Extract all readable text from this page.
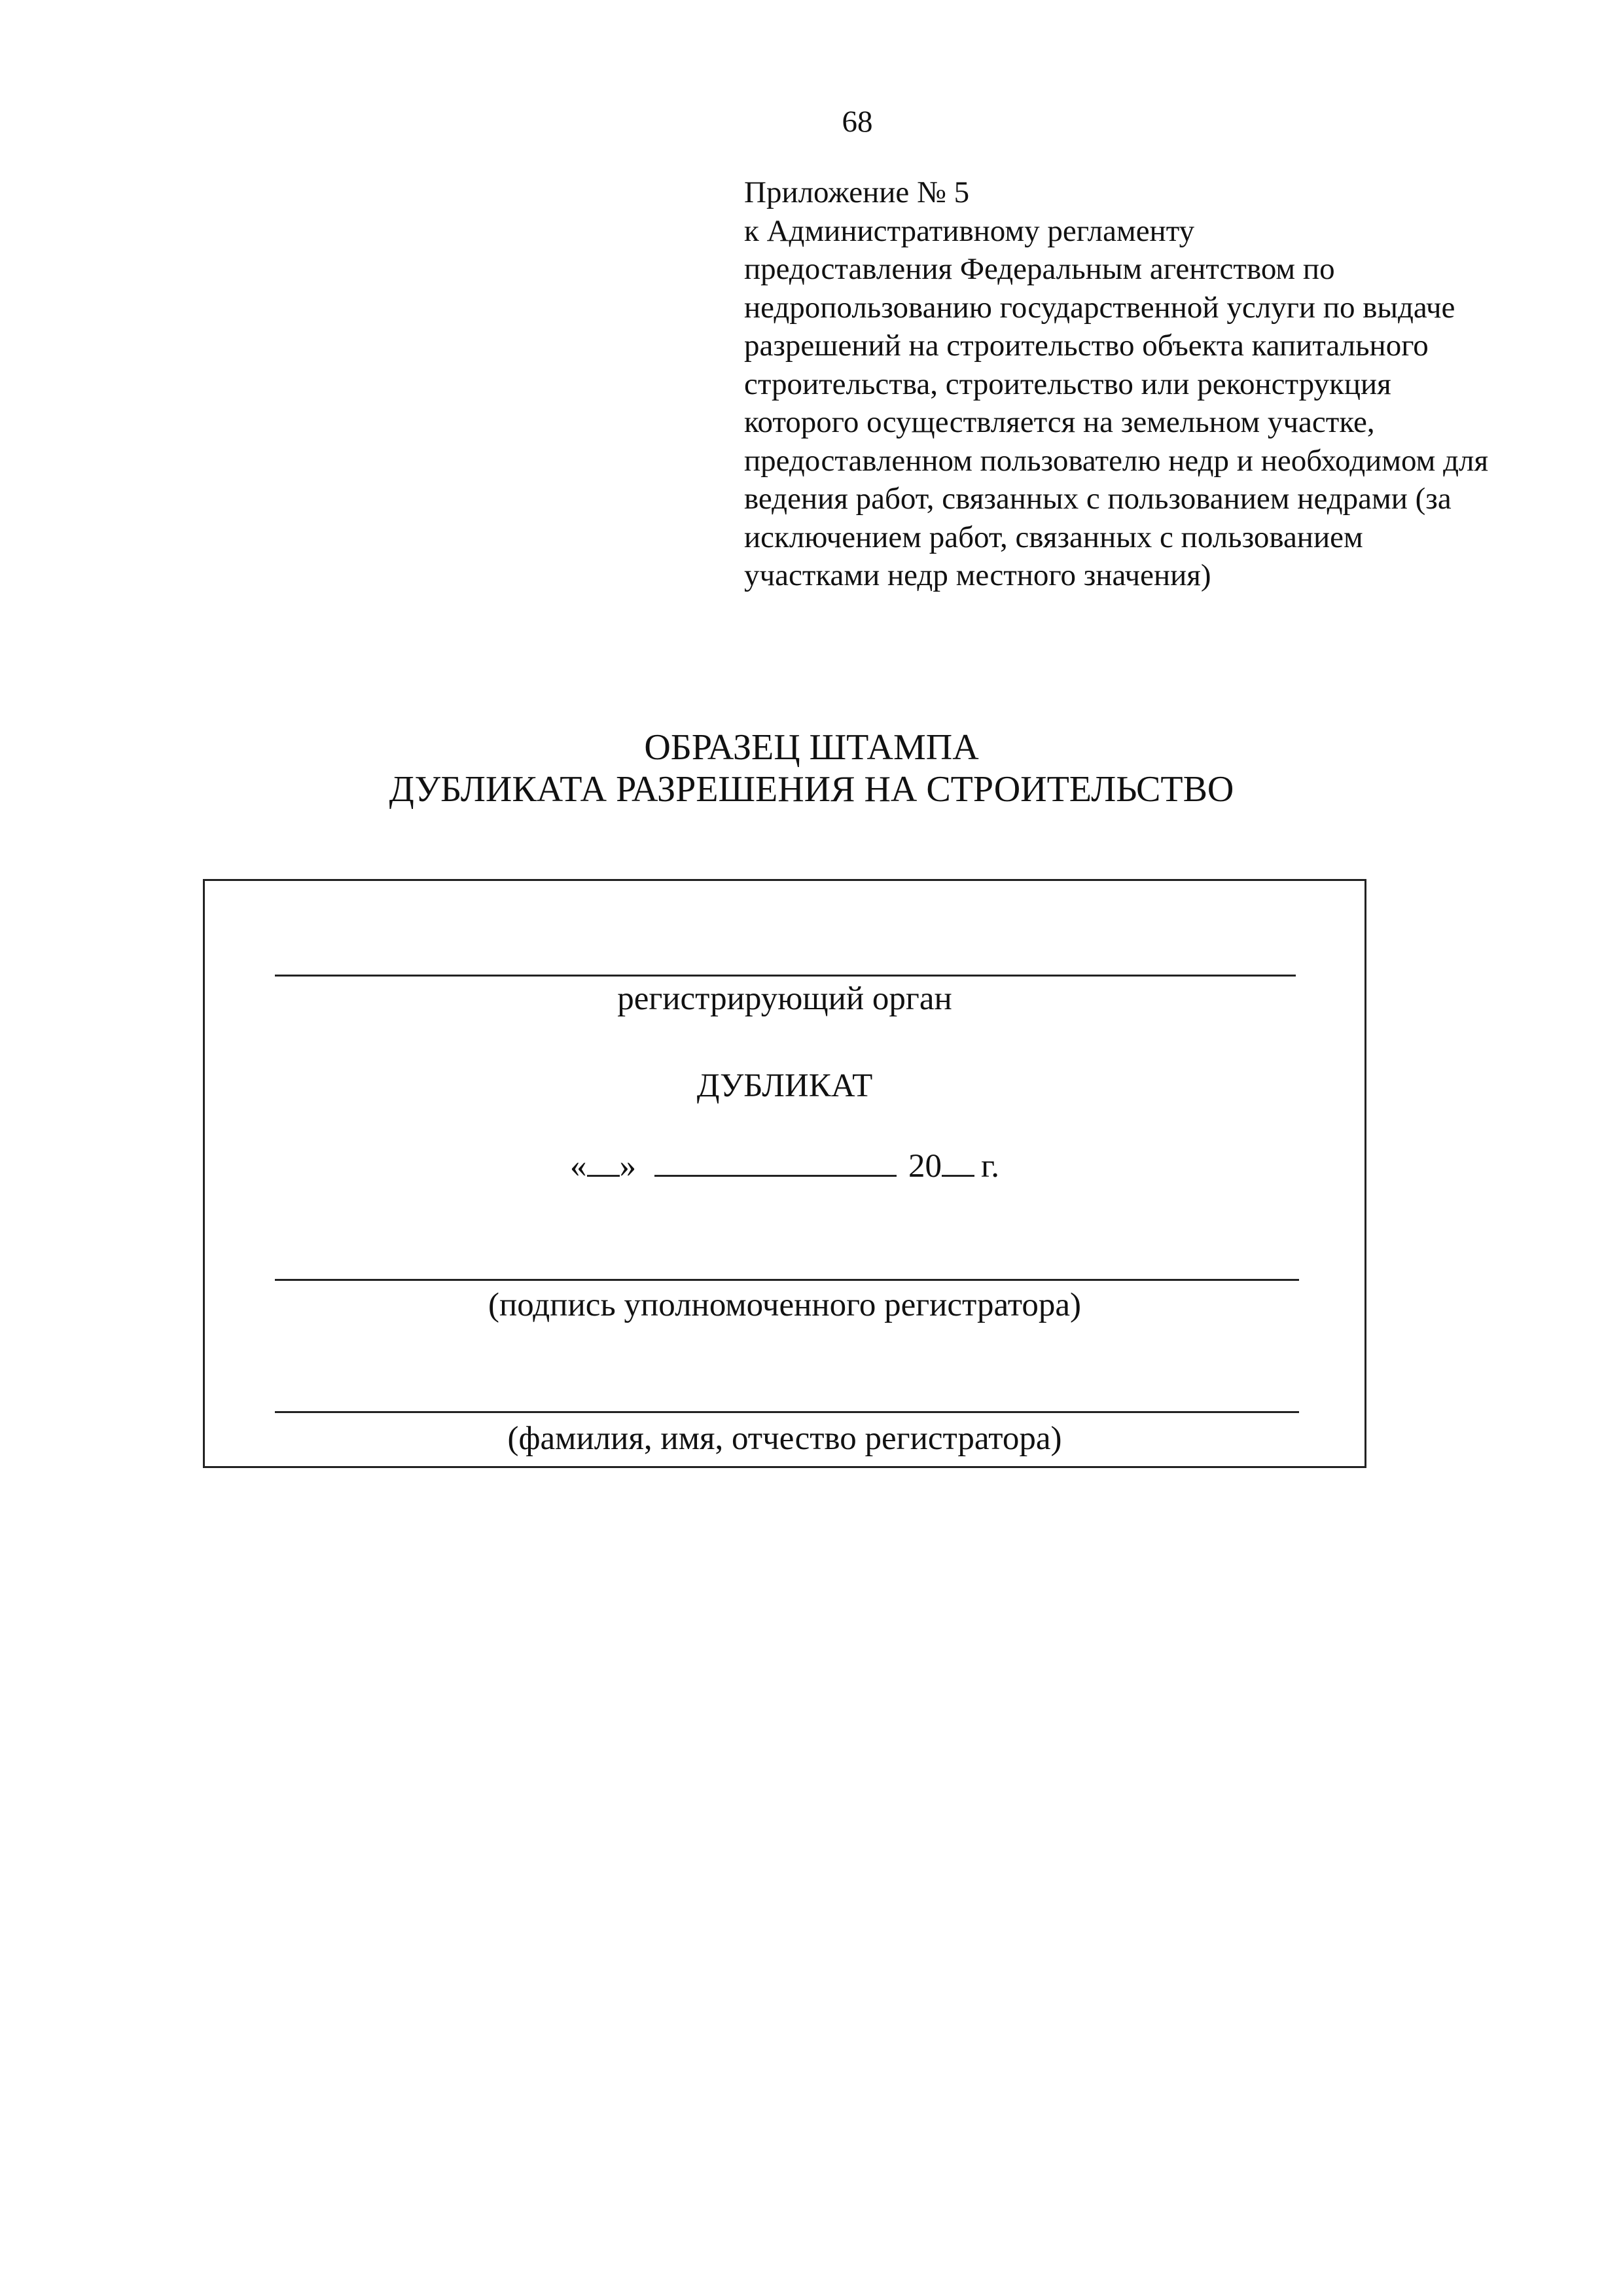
68
Приложение № 5
к Административному регламенту
предоставления Федеральным агентством по
недропользованию государственной услуги по выдаче
разрешений на строительство объекта капитального
строительства, строительство или реконструкция
которого осуществляется на земельном участке,
предоставленном пользователю недр и необходимом для
ведения работ, связанных с пользованием недрами (за
исключением работ, связанных с пользованием
участками недр местного значения)
ОБРАЗЕЦ ШТАМПА
ДУБЛИКАТА РАЗРЕШЕНИЯ НА СТРОИТЕЛЬСТВО
регистрирующий орган
ДУБЛИКАТ
« »	20 г.
(подпись уполномоченного регистратора)
(фамилия, имя, отчество регистратора)
